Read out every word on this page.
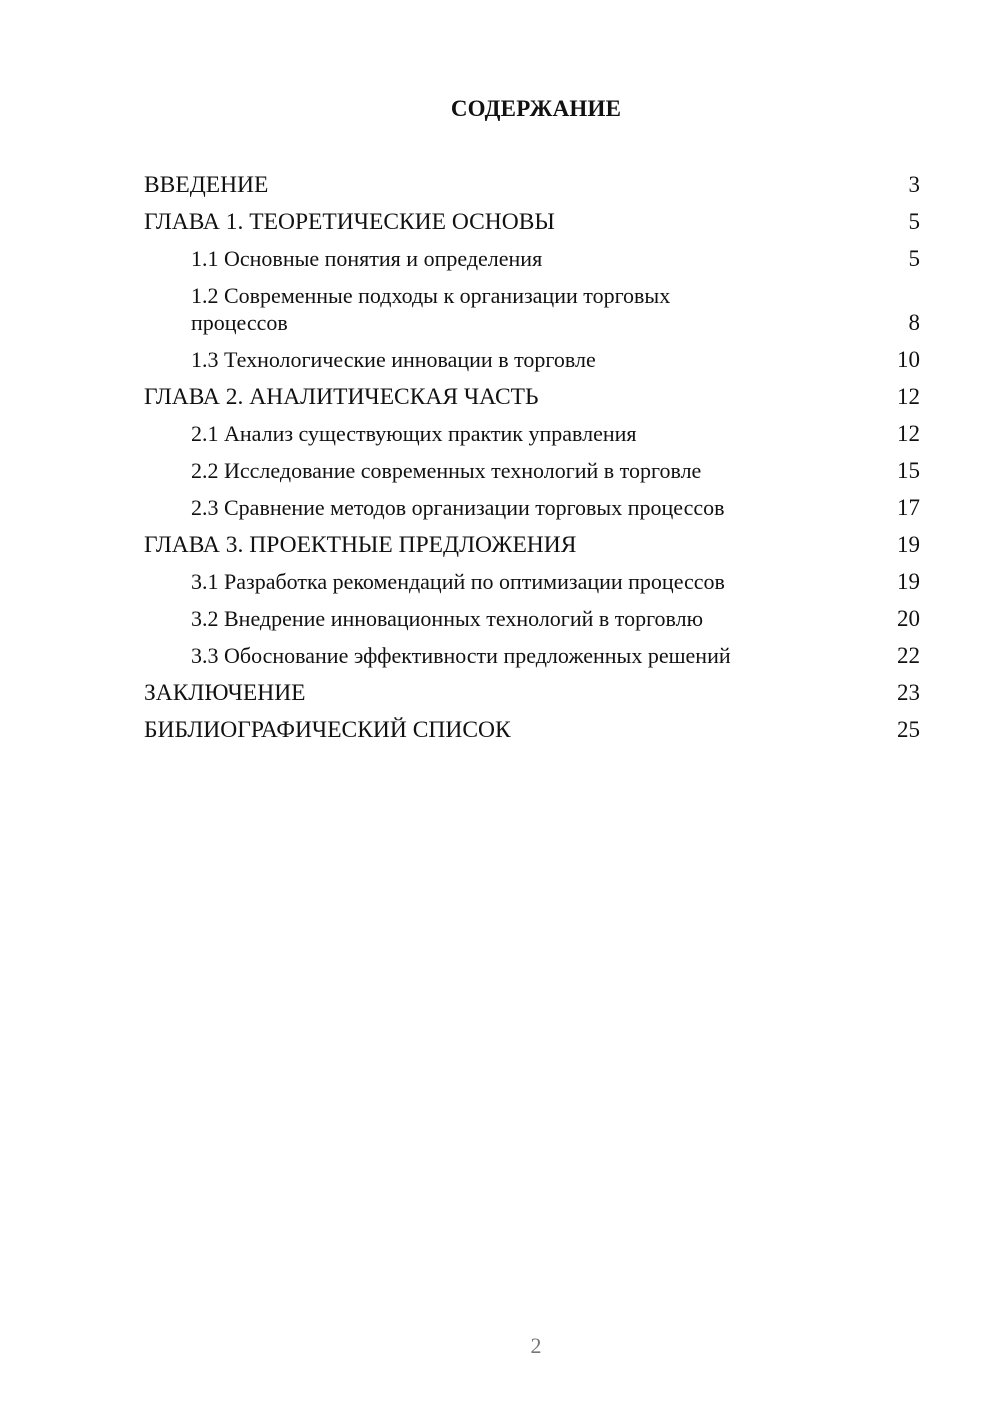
СОДЕРЖАНИЕ
ВВЕДЕНИЕ	3
ГЛАВА 1. ТЕОРЕТИЧЕСКИЕ ОСНОВЫ	5
1.1 Основные понятия и определения	5
1.2 Современные подходы к организации торговых процессов	8
1.3 Технологические инновации в торговле	10
ГЛАВА 2. АНАЛИТИЧЕСКАЯ ЧАСТЬ	12
2.1 Анализ существующих практик управления	12
2.2 Исследование современных технологий в торговле	15
2.3 Сравнение методов организации торговых процессов	17
ГЛАВА 3. ПРОЕКТНЫЕ ПРЕДЛОЖЕНИЯ	19
3.1 Разработка рекомендаций по оптимизации процессов	19
3.2 Внедрение инновационных технологий в торговлю	20
3.3 Обоснование эффективности предложенных решений	22
ЗАКЛЮЧЕНИЕ	23
БИБЛИОГРАФИЧЕСКИЙ СПИСОК	25
2
